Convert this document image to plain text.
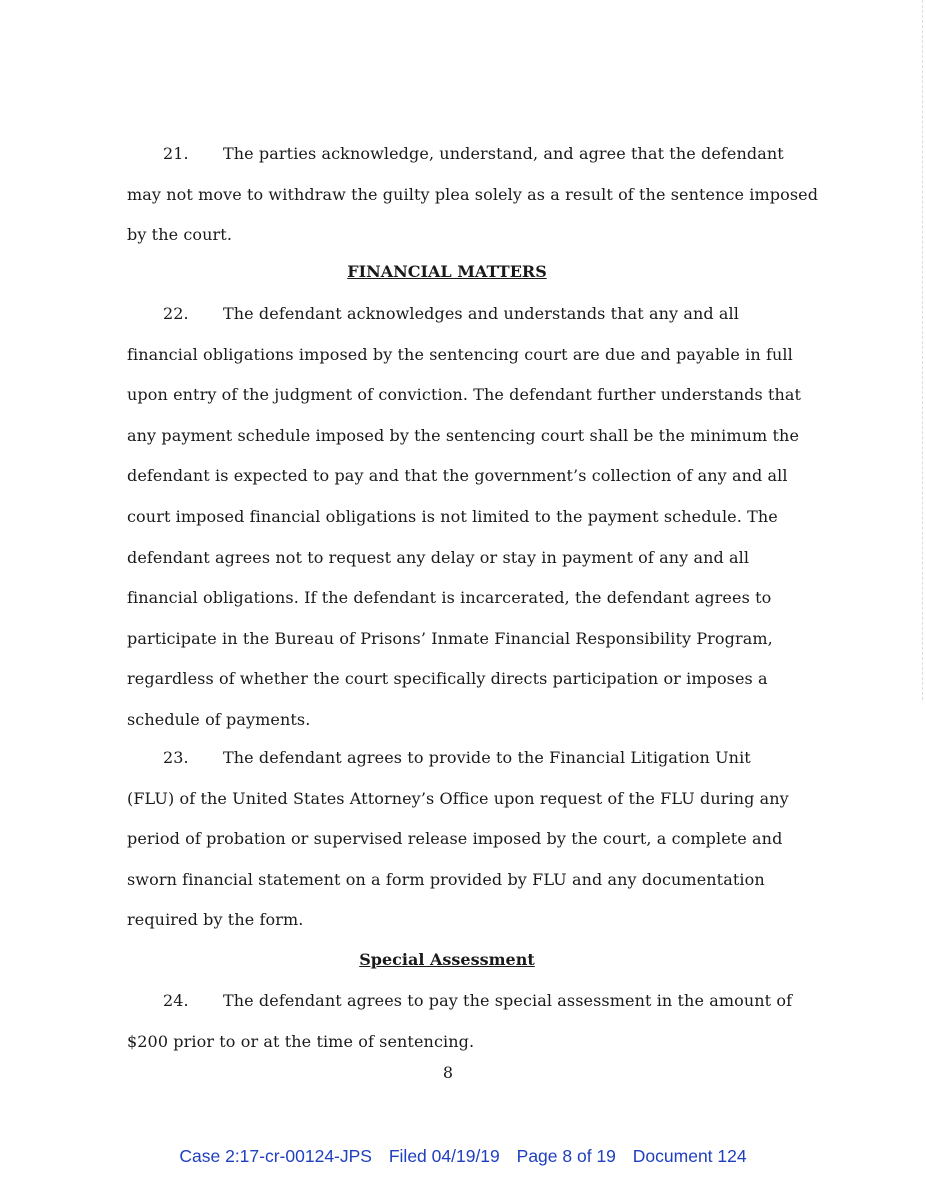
21. The parties acknowledge, understand, and agree that the defendant
may not move to withdraw the guilty plea solely as a result of the sentence imposed
by the court.

FINANCIAL MATTERS

22. The defendant acknowledges and understands that any and all
financial obligations imposed by the sentencing court are due and payable in full
upon entry of the judgment of conviction. The defendant further understands that
any payment schedule imposed by the sentencing court shall be the minimum the
defendant is expected to pay and that the government’s collection of any and all
court imposed financial obligations is not limited to the payment schedule. The
defendant agrees not to request any delay or stay in payment of any and all
financial obligations. If the defendant is incarcerated, the defendant agrees to
participate in the Bureau of Prisons’ Inmate Financial Responsibility Program,
regardless of whether the court specifically directs participation or imposes a
schedule of payments.

23. The defendant agrees to provide to the Financial Litigation Unit
(FLU) of the United States Attorney’s Office upon request of the FLU during any
period of probation or supervised release imposed by the court, a complete and
sworn financial statement on a form provided by FLU and any documentation
required by the form.

Special Assessment

24. The defendant agrees to pay the special assessment in the amount of
$200 prior to or at the time of sentencing.

8

Case 2:17-cr-00124-JPS Filed 04/19/19 Page 8 of 19 Document 124
